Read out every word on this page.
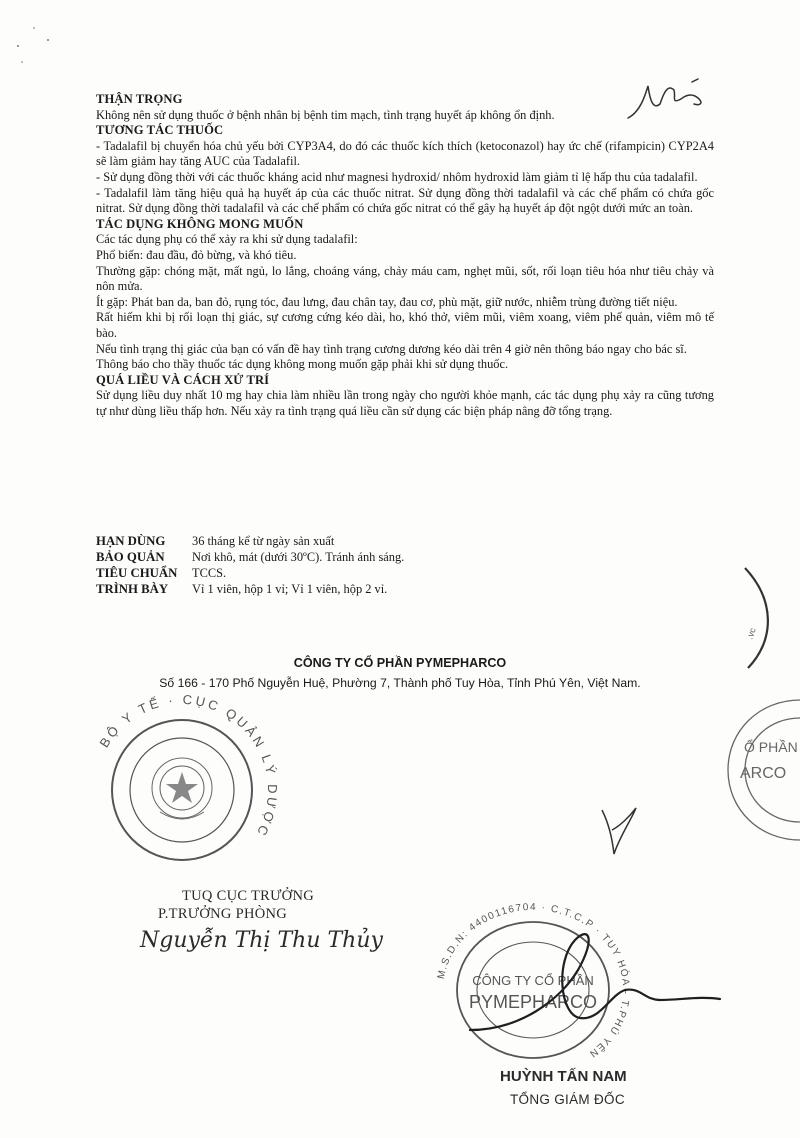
THẬN TRỌNG

Không nên sử dụng thuốc ở bệnh nhân bị bệnh tim mạch, tình trạng huyết áp không ổn định.

TƯƠNG TÁC THUỐC

- Tadalafil bị chuyển hóa chủ yếu bởi CYP3A4, do đó các thuốc kích thích (ketoconazol) hay ức chế (rifampicin) CYP2A4 sẽ làm giảm hay tăng AUC của Tadalafil.

- Sử dụng đồng thời với các thuốc kháng acid như magnesi hydroxid/ nhôm hydroxid làm giảm tỉ lệ hấp thu của tadalafil.

- Tadalafil làm tăng hiệu quả hạ huyết áp của các thuốc nitrat. Sử dụng đồng thời tadalafil và các chế phẩm có chứa gốc nitrat. Sử dụng đồng thời tadalafil và các chế phẩm có chứa gốc nitrat có thể gây hạ huyết áp đột ngột dưới mức an toàn.

TÁC DỤNG KHÔNG MONG MUỐN

Các tác dụng phụ có thể xảy ra khi sử dụng tadalafil:

Phổ biến: đau đầu, đỏ bừng, và khó tiêu.

Thường gặp: chóng mặt, mất ngủ, lo lắng, choáng váng, chảy máu cam, nghẹt mũi, sốt, rối loạn tiêu hóa như tiêu chảy và nôn mửa.

Ít gặp: Phát ban da, ban đỏ, rụng tóc, đau lưng, đau chân tay, đau cơ, phù mặt, giữ nước, nhiễm trùng đường tiết niệu.

Rất hiếm khi bị rối loạn thị giác, sự cương cứng kéo dài, ho, khó thở, viêm mũi, viêm xoang, viêm phế quản, viêm mô tế bào.

Nếu tình trạng thị giác của bạn có vấn đề hay tình trạng cương dương kéo dài trên 4 giờ nên thông báo ngay cho bác sĩ.

Thông báo cho thầy thuốc tác dụng không mong muốn gặp phải khi sử dụng thuốc.

QUÁ LIỀU VÀ CÁCH XỬ TRÍ

Sử dụng liều duy nhất 10 mg hay chia làm nhiều lần trong ngày cho người khỏe mạnh, các tác dụng phụ xảy ra cũng tương tự như dùng liều thấp hơn. Nếu xảy ra tình trạng quá liều cần sử dụng các biện pháp nâng đỡ tổng trạng.

HẠN DÙNG	36 tháng kể từ ngày sản xuất
BẢO QUẢN	Nơi khô, mát (dưới 30ºC). Tránh ánh sáng.
TIÊU CHUẨN	TCCS.
TRÌNH BÀY	Vỉ 1 viên, hộp 1 vỉ; Vỉ 1 viên, hộp 2 vỉ.
CÔNG TY CỔ PHẦN PYMEPHARCO
Số 166 - 170 Phố Nguyễn Huệ, Phường 7, Thành phố Tuy Hòa, Tỉnh Phú Yên, Việt Nam.
.vc
Ổ PHẦN
ARCO
BỘ Y TẾ · CỤC QUẢN LÝ DƯỢC
M.S.D.N: 4400116704 · C.T.C.P · TUY HÒA - T.PHÚ YÊN
CÔNG TY CỔ PHẦN
PYMEPHARCO
TUQ CỤC TRƯỞNG
P.TRƯỞNG PHÒNG
Nguyễn Thị Thu Thủy
HUỲNH TẤN NAM
TỔNG GIÁM ĐỐC
